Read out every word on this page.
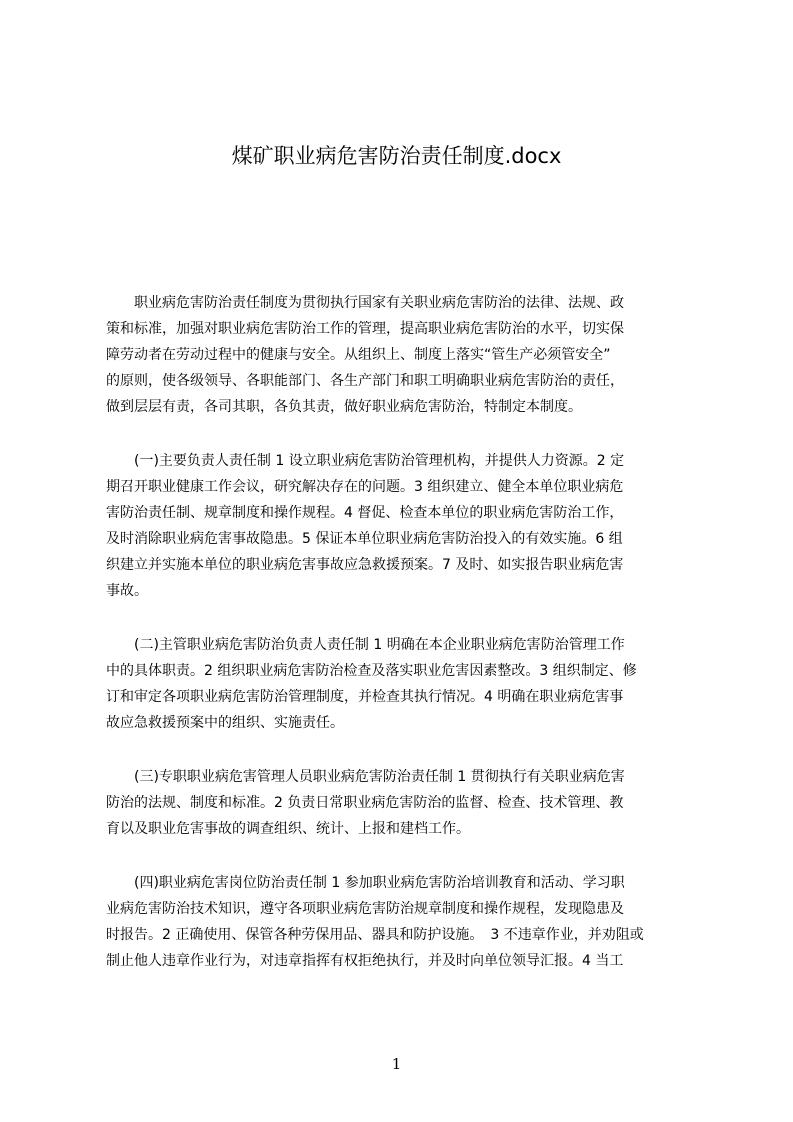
煤矿职业病危害防治责任制度.docx
　　职业病危害防治责任制度为贯彻执行国家有关职业病危害防治的法律、法规、政
策和标准，加强对职业病危害防治工作的管理，提高职业病危害防治的水平，切实保
障劳动者在劳动过程中的健康与安全。从组织上、制度上落实“管生产必须管安全”
的原则，使各级领导、各职能部门、各生产部门和职工明确职业病危害防治的责任，
做到层层有责，各司其职，各负其责，做好职业病危害防治，特制定本制度。
　　(一)主要负责人责任制 1 设立职业病危害防治管理机构，并提供人力资源。2 定
期召开职业健康工作会议，研究解决存在的问题。3 组织建立、健全本单位职业病危
害防治责任制、规章制度和操作规程。4 督促、检查本单位的职业病危害防治工作，
及时消除职业病危害事故隐患。5 保证本单位职业病危害防治投入的有效实施。6 组
织建立并实施本单位的职业病危害事故应急救援预案。7 及时、如实报告职业病危害
事故。
　　(二)主管职业病危害防治负责人责任制 1 明确在本企业职业病危害防治管理工作
中的具体职责。2 组织职业病危害防治检查及落实职业危害因素整改。3 组织制定、修
订和审定各项职业病危害防治管理制度，并检查其执行情况。4 明确在职业病危害事
故应急救援预案中的组织、实施责任。
　　(三)专职职业病危害管理人员职业病危害防治责任制 1 贯彻执行有关职业病危害
防治的法规、制度和标准。2 负责日常职业病危害防治的监督、检查、技术管理、教
育以及职业危害事故的调查组织、统计、上报和建档工作。
　　(四)职业病危害岗位防治责任制 1 参加职业病危害防治培训教育和活动、学习职
业病危害防治技术知识，遵守各项职业病危害防治规章制度和操作规程，发现隐患及
时报告。2 正确使用、保管各种劳保用品、器具和防护设施。　3 不违章作业，并劝阻或
制止他人违章作业行为，对违章指挥有权拒绝执行，并及时向单位领导汇报。4 当工
1
